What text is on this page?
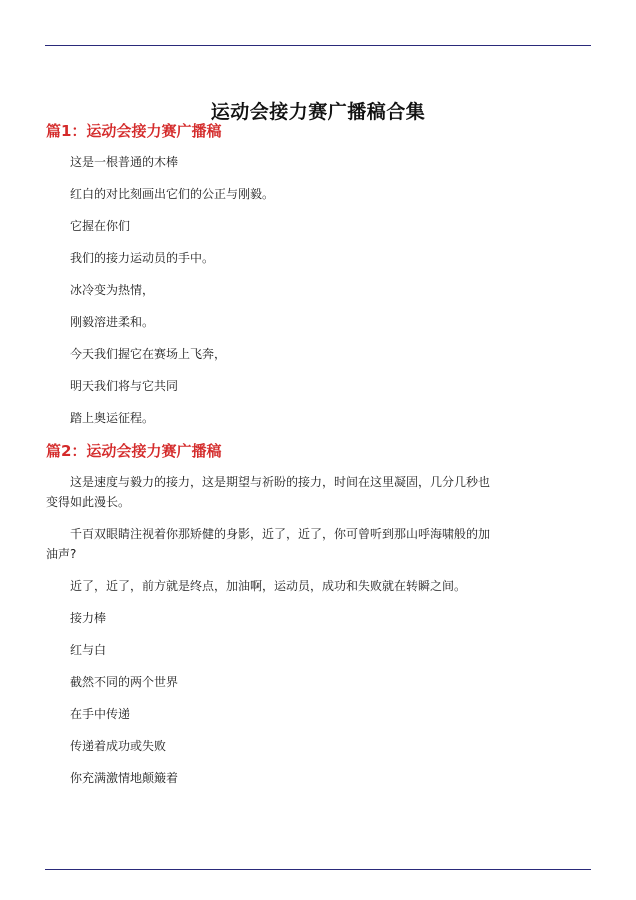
运动会接力赛广播稿合集

篇1：运动会接力赛广播稿

这是一根普通的木棒

红白的对比刻画出它们的公正与刚毅。

它握在你们

我们的接力运动员的手中。

冰冷变为热情，

刚毅溶进柔和。

今天我们握它在赛场上飞奔，

明天我们将与它共同

踏上奥运征程。

篇2：运动会接力赛广播稿

这是速度与毅力的接力，这是期望与祈盼的接力，时间在这里凝固，几分几秒也变得如此漫长。

千百双眼睛注视着你那矫健的身影，近了，近了，你可曾听到那山呼海啸般的加油声?

近了，近了，前方就是终点，加油啊，运动员，成功和失败就在转瞬之间。

接力棒

红与白

截然不同的两个世界

在手中传递

传递着成功或失败

你充满激情地颠簸着
